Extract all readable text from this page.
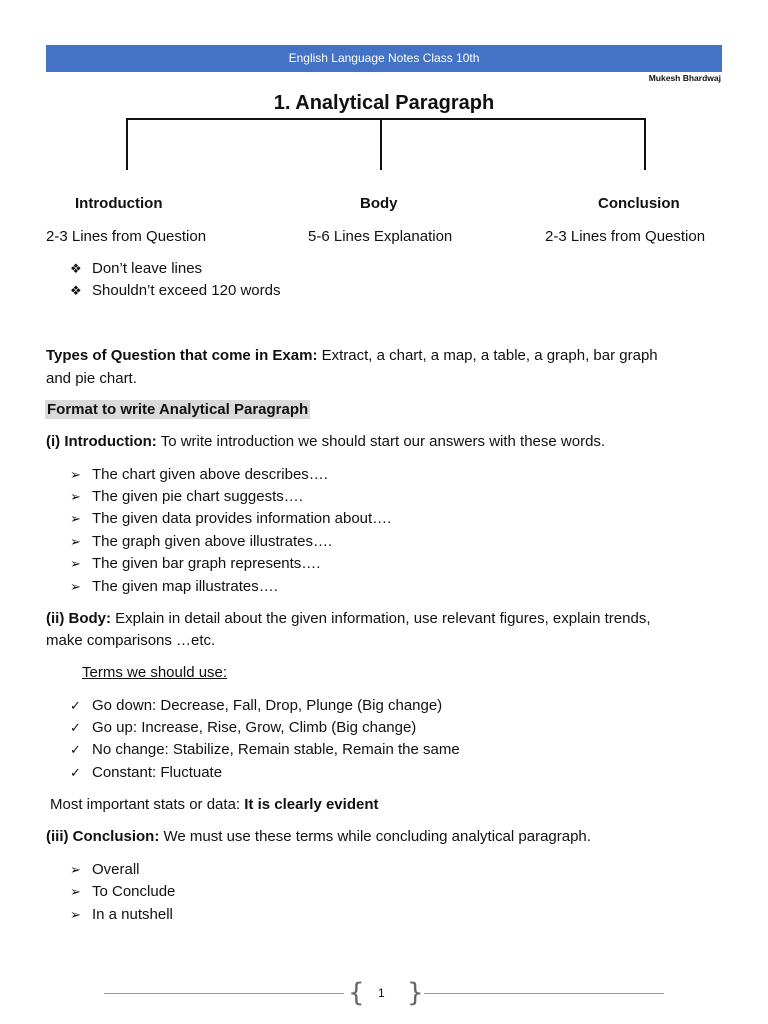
English Language Notes Class 10th
Mukesh Bhardwaj
1. Analytical Paragraph
Introduction	Body	Conclusion
2-3 Lines from Question	5-6 Lines Explanation	2-3 Lines from Question
❖ Don’t leave lines
❖ Shouldn’t exceed 120 words
Types of Question that come in Exam: Extract, a chart, a map, a table, a graph, bar graph
and pie chart.
Format to write Analytical Paragraph
(i) Introduction: To write introduction we should start our answers with these words.
➢ The chart given above describes….
➢ The given pie chart suggests….
➢ The given data provides information about….
➢ The graph given above illustrates….
➢ The given bar graph represents….
➢ The given map illustrates….
(ii) Body: Explain in detail about the given information, use relevant figures, explain trends,
make comparisons …etc.
Terms we should use:
✓ Go down: Decrease, Fall, Drop, Plunge (Big change)
✓ Go up: Increase, Rise, Grow, Climb (Big change)
✓ No change: Stabilize, Remain stable, Remain the same
✓ Constant: Fluctuate
Most important stats or data: It is clearly evident
(iii) Conclusion: We must use these terms while concluding analytical paragraph.
➢ Overall
➢ To Conclude
➢ In a nutshell
{ 1 }
